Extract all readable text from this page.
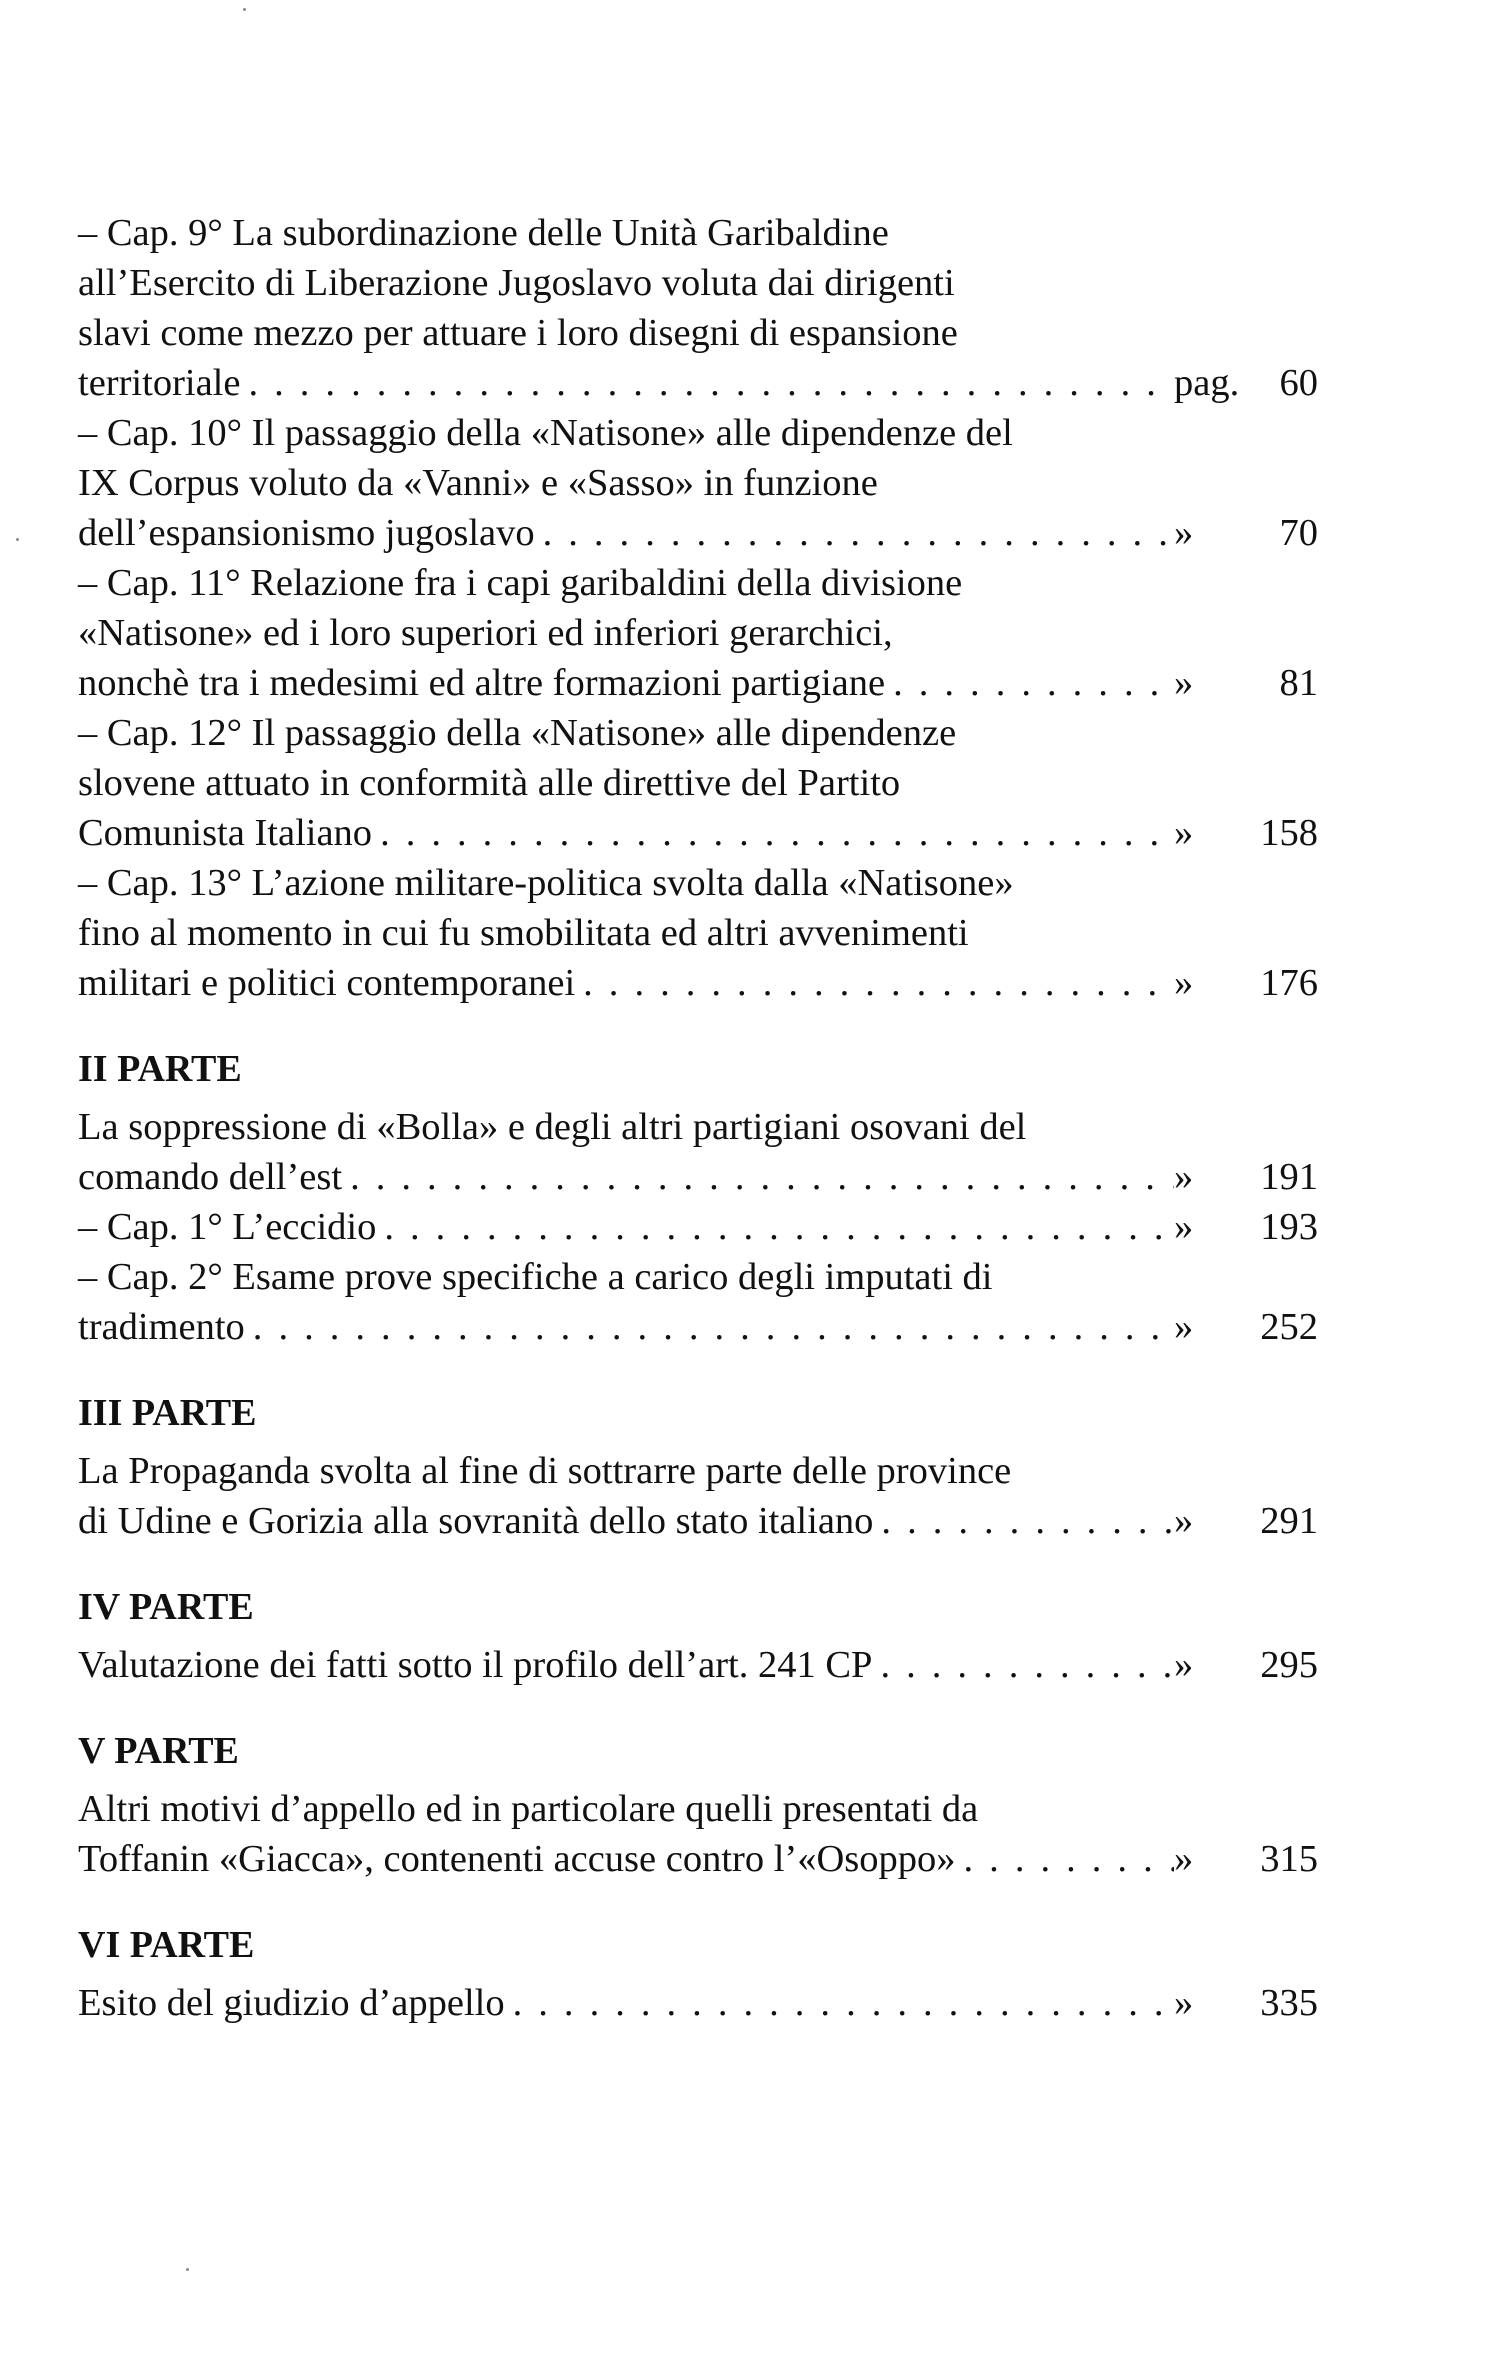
– Cap. 9° La subordinazione delle Unità Garibaldine
all’Esercito di Liberazione Jugoslavo voluta dai dirigenti
slavi come mezzo per attuare i loro disegni di espansione
territoriale . . .	pag.	60
– Cap. 10° Il passaggio della «Natisone» alle dipendenze del
IX Corpus voluto da «Vanni» e «Sasso» in funzione
dell’espansionismo jugoslavo . . .	»	70
– Cap. 11° Relazione fra i capi garibaldini della divisione
«Natisone» ed i loro superiori ed inferiori gerarchici,
nonchè tra i medesimi ed altre formazioni partigiane . . .	»	81
– Cap. 12° Il passaggio della «Natisone» alle dipendenze
slovene attuato in conformità alle direttive del Partito
Comunista Italiano . . .	»	158
– Cap. 13° L’azione militare-politica svolta dalla «Natisone»
fino al momento in cui fu smobilitata ed altri avvenimenti
militari e politici contemporanei . . .	»	176
II PARTE
La soppressione di «Bolla» e degli altri partigiani osovani del
comando dell’est . . .	»	191
– Cap. 1° L’eccidio . . .	»	193
– Cap. 2° Esame prove specifiche a carico degli imputati di
tradimento . . .	»	252
III PARTE
La Propaganda svolta al fine di sottrarre parte delle province
di Udine e Gorizia alla sovranità dello stato italiano . . .	»	291
IV PARTE
Valutazione dei fatti sotto il profilo dell’art. 241 CP . . .	»	295
V PARTE
Altri motivi d’appello ed in particolare quelli presentati da
Toffanin «Giacca», contenenti accuse contro l’«Osoppo» . . .	»	315
VI PARTE
Esito del giudizio d’appello . . .	»	335
